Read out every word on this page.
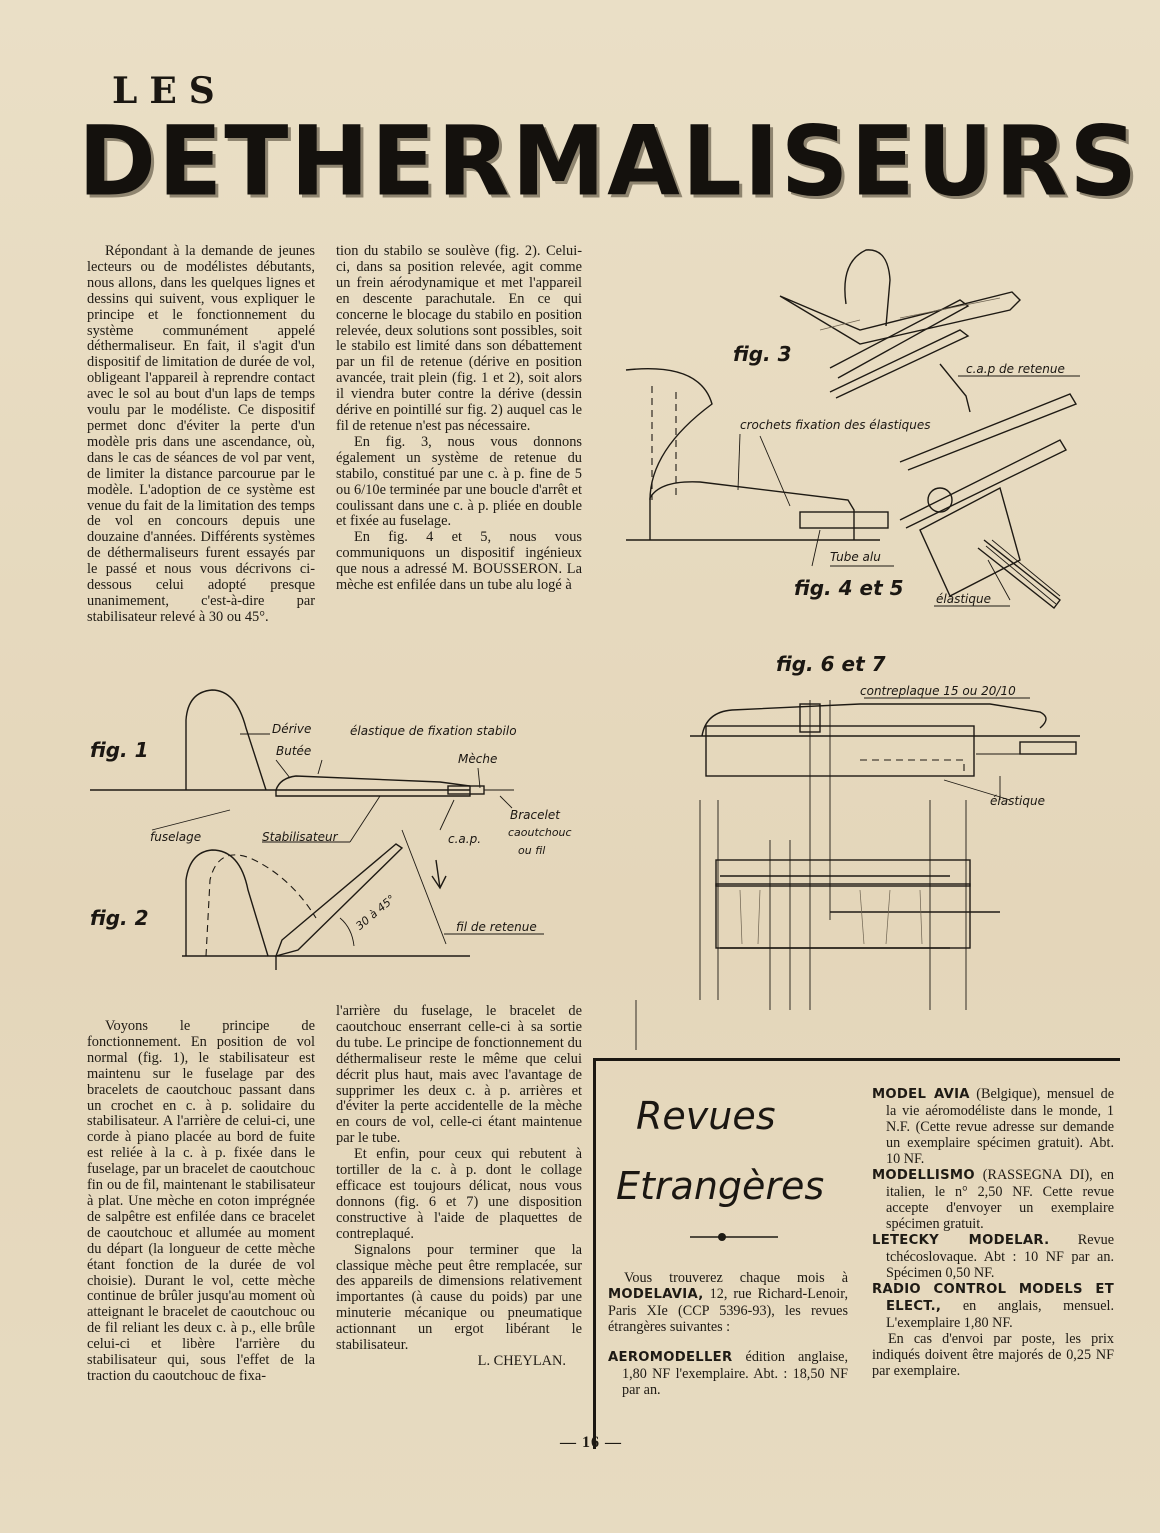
LES
DETHERMALISEURS

Répondant à la demande de jeunes lecteurs ou de modélistes débutants, nous allons, dans les quelques lignes et dessins qui suivent, vous expliquer le principe et le fonctionnement du système communément appelé déthermaliseur. En fait, il s'agit d'un dispositif de limitation de durée de vol, obligeant l'appareil à reprendre contact avec le sol au bout d'un laps de temps voulu par le modéliste. Ce dispositif permet donc d'éviter la perte d'un modèle pris dans une ascendance, où, dans le cas de séances de vol par vent, de limiter la distance parcourue par le modèle. L'adoption de ce système est venue du fait de la limitation des temps de vol en concours depuis une douzaine d'années. Différents systèmes de déthermaliseurs furent essayés par le passé et nous vous décrivons ci-dessous celui adopté presque unanimement, c'est-à-dire par stabilisateur relevé à 30 ou 45°.

tion du stabilo se soulève (fig. 2). Celui-ci, dans sa position relevée, agit comme un frein aérodynamique et met l'appareil en descente parachutale. En ce qui concerne le blocage du stabilo en position relevée, deux solutions sont possibles, soit le stabilo est limité dans son débattement par un fil de retenue (dérive en position avancée, trait plein (fig. 1 et 2), soit alors il viendra buter contre la dérive (dessin dérive en pointillé sur fig. 2) auquel cas le fil de retenue n'est pas nécessaire.

En fig. 3, nous vous donnons également un système de retenue du stabilo, constitué par une c. à p. fine de 5 ou 6/10e terminée par une boucle d'arrêt et coulissant dans une c. à p. pliée en double et fixée au fuselage.

En fig. 4 et 5, nous vous communiquons un dispositif ingénieux que nous a adressé M. BOUSSERON. La mèche est enfilée dans un tube alu logé à

Voyons le principe de fonctionnement. En position de vol normal (fig. 1), le stabilisateur est maintenu sur le fuselage par des bracelets de caoutchouc passant dans un crochet en c. à p. solidaire du stabilisateur. A l'arrière de celui-ci, une corde à piano placée au bord de fuite est reliée à la c. à p. fixée dans le fuselage, par un bracelet de caoutchouc fin ou de fil, maintenant le stabilisateur à plat. Une mèche en coton imprégnée de salpêtre est enfilée dans ce bracelet de caoutchouc et allumée au moment du départ (la longueur de cette mèche étant fonction de la durée de vol choisie). Durant le vol, cette mèche continue de brûler jusqu'au moment où atteignant le bracelet de caoutchouc ou de fil reliant les deux c. à p., elle brûle celui-ci et libère l'arrière du stabilisateur qui, sous l'effet de la traction du caoutchouc de fixa-

l'arrière du fuselage, le bracelet de caoutchouc enserrant celle-ci à sa sortie du tube. Le principe de fonctionnement du déthermaliseur reste le même que celui décrit plus haut, mais avec l'avantage de supprimer les deux c. à p. arrières et d'éviter la perte accidentelle de la mèche en cours de vol, celle-ci étant maintenue par le tube.

Et enfin, pour ceux qui rebutent à tortiller de la c. à p. dont le collage efficace est toujours délicat, nous vous donnons (fig. 6 et 7) une disposition constructive à l'aide de plaquettes de contreplaqué.

Signalons pour terminer que la classique mèche peut être remplacée, sur des appareils de dimensions relativement importantes (à cause du poids) par une minuterie mécanique ou pneumatique actionnant un ergot libérant le stabilisateur.

L. CHEYLAN.

fig. 1
fig. 2
fig. 3
fig. 4 et 5
fig. 6 et 7
Dérive
Butée
élastique de fixation stabilo
Mèche
Bracelet
caoutchouc
ou fil
fuselage	Stabilisateur	c.a.p.
fil de retenue
30 à 45°
c.a.p de retenue
crochets fixation des élastiques
Tube alu
élastique
contreplaque 15 ou 20/10
élastique
Revues
Etrangères

Vous trouverez chaque mois à MODELAVIA, 12, rue Richard-Lenoir, Paris XIe (CCP 5396-93), les revues étrangères suivantes :

AEROMODELLER édition anglaise, 1,80 NF l'exemplaire. Abt. : 18,50 NF par an.

MODEL AVIA (Belgique), mensuel de la vie aéromodéliste dans le monde, 1 N.F. (Cette revue adresse sur demande un exemplaire spécimen gratuit). Abt. 10 NF.

MODELLISMO (RASSEGNA DI), en italien, le n° 2,50 NF. Cette revue accepte d'envoyer un exemplaire spécimen gratuit.

LETECKY MODELAR. Revue tchécoslovaque. Abt : 10 NF par an. Spécimen 0,50 NF.

RADIO CONTROL MODELS ET ELECT., en anglais, mensuel. L'exemplaire 1,80 NF.

En cas d'envoi par poste, les prix indiqués doivent être majorés de 0,25 NF par exemplaire.

— 16 —
